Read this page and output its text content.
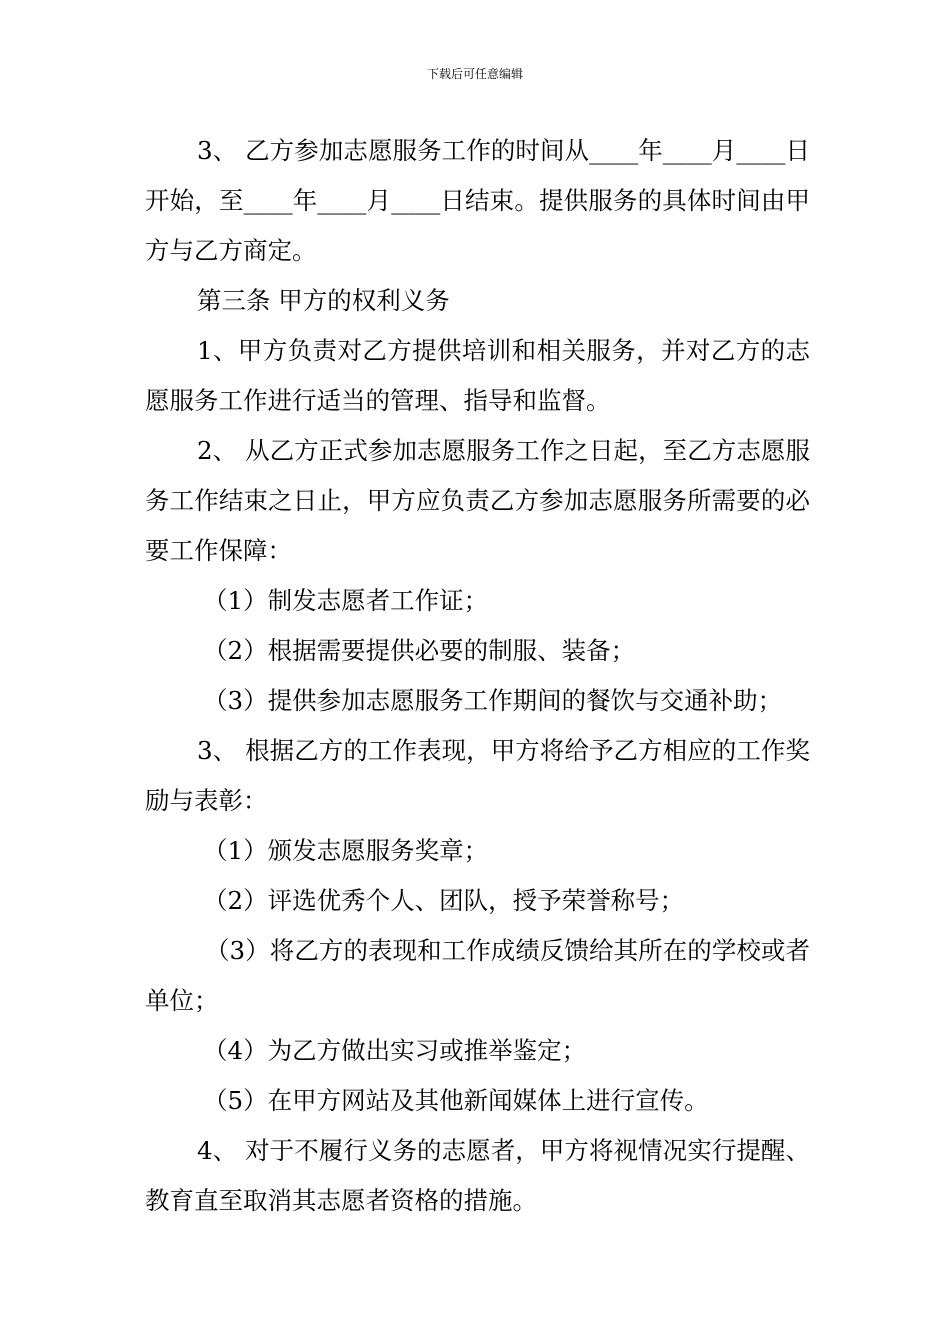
下载后可任意编辑

3、 乙方参加志愿服务工作的时间从____年____月____日开始，至____年____月____日结束。提供服务的具体时间由甲方与乙方商定。

第三条 甲方的权利义务

1、甲方负责对乙方提供培训和相关服务，并对乙方的志愿服务工作进行适当的管理、指导和监督。

2、 从乙方正式参加志愿服务工作之日起，至乙方志愿服务工作结束之日止，甲方应负责乙方参加志愿服务所需要的必要工作保障：

（1）制发志愿者工作证；

（2）根据需要提供必要的制服、装备；

（3）提供参加志愿服务工作期间的餐饮与交通补助；

3、 根据乙方的工作表现，甲方将给予乙方相应的工作奖励与表彰：

（1）颁发志愿服务奖章；

（2）评选优秀个人、团队，授予荣誉称号；

（3）将乙方的表现和工作成绩反馈给其所在的学校或者单位；

（4）为乙方做出实习或推举鉴定；

（5）在甲方网站及其他新闻媒体上进行宣传。

4、 对于不履行义务的志愿者，甲方将视情况实行提醒、教育直至取消其志愿者资格的措施。
